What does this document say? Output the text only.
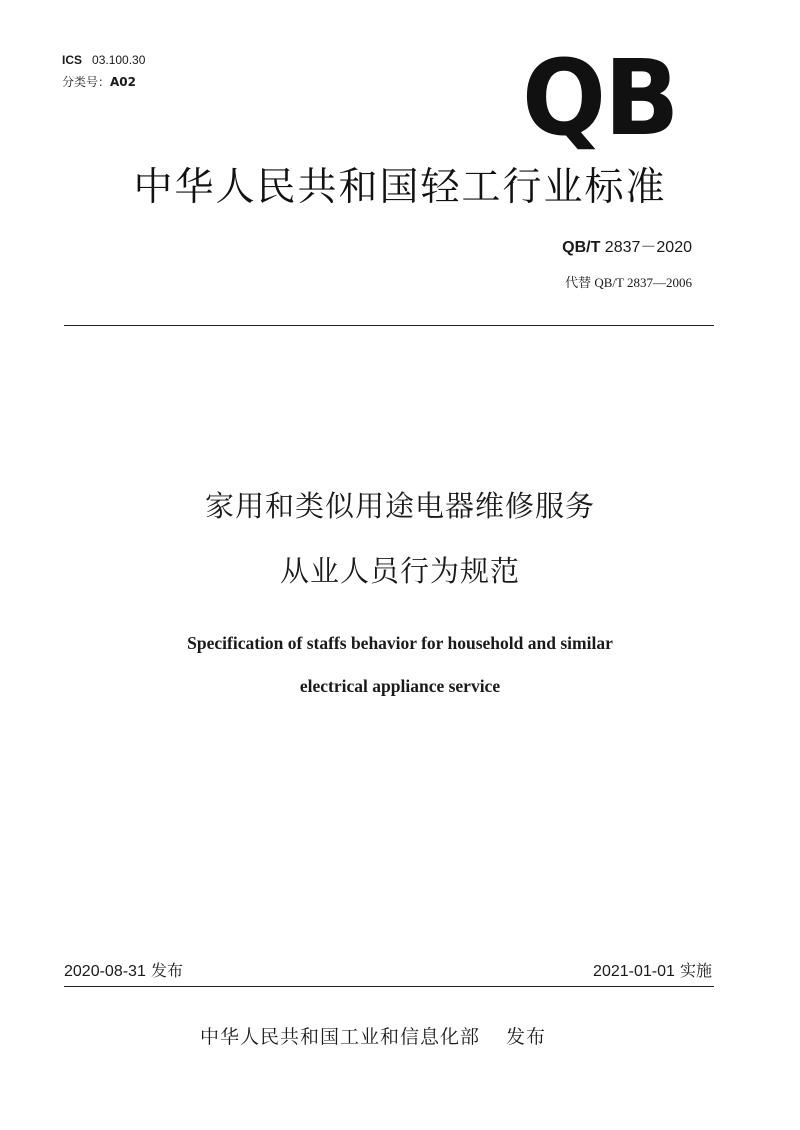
ICS 03.100.30
分类号：A02	QB
中华人民共和国轻工行业标准
QB/T 2837－2020
代替 QB/T 2837—2006
家用和类似用途电器维修服务
从业人员行为规范
Specification of staffs behavior for household and similar
electrical appliance service
2020-08-31 发布	2021-01-01 实施
中华人民共和国工业和信息化部 发布
